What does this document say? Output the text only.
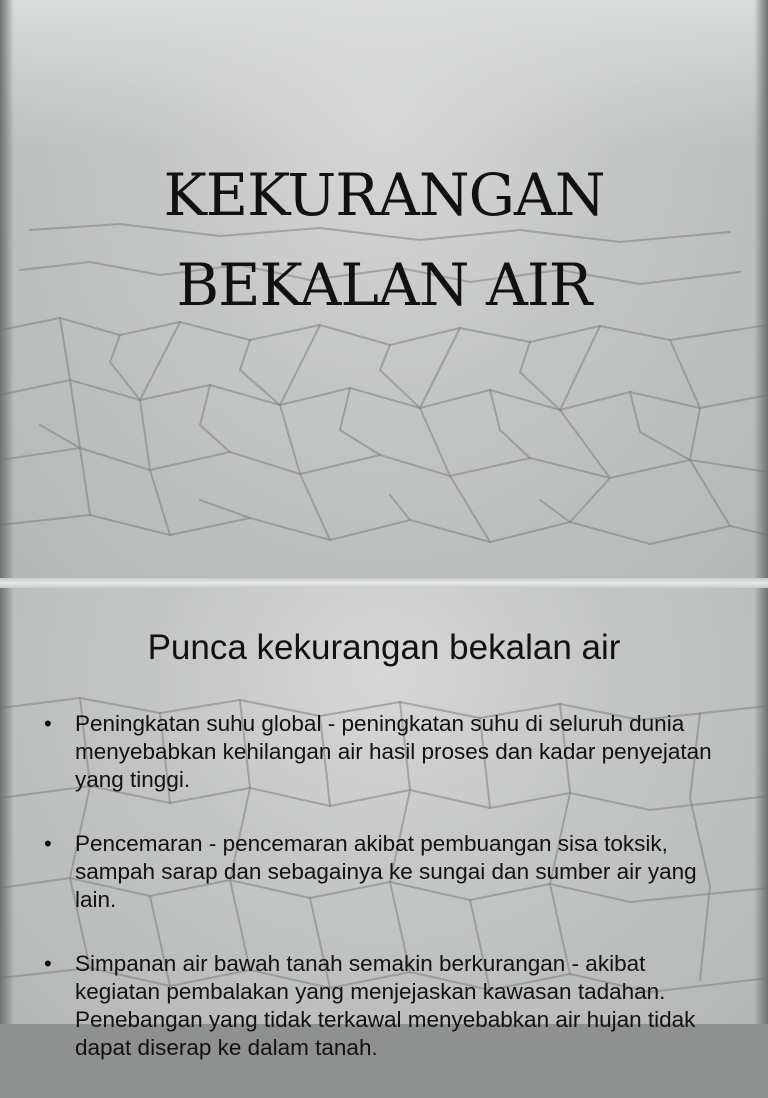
KEKURANGAN
BEKALAN AIR
Punca kekurangan bekalan air
•	Peningkatan suhu global - peningkatan suhu di seluruh dunia menyebabkan kehilangan air hasil proses dan kadar penyejatan yang tinggi.
•	Pencemaran - pencemaran akibat pembuangan sisa toksik, sampah sarap dan sebagainya ke sungai dan sumber air yang lain.
•	Simpanan air bawah tanah semakin berkurangan - akibat kegiatan pembalakan yang menjejaskan kawasan tadahan. Penebangan yang tidak terkawal menyebabkan air hujan tidak dapat diserap ke dalam tanah.
